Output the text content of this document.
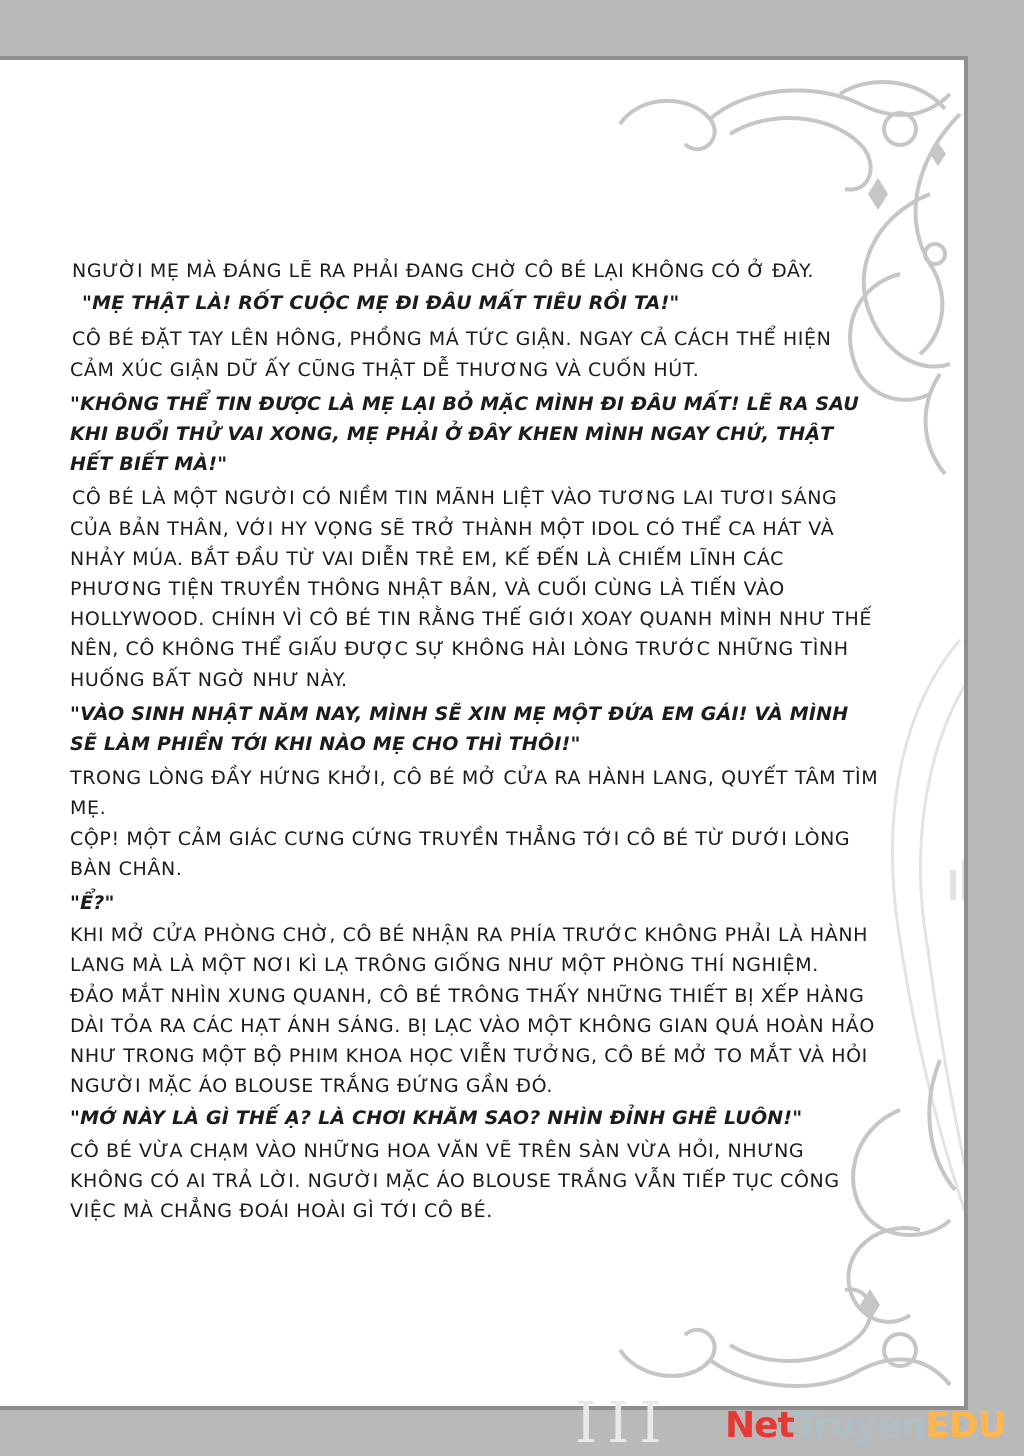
NGƯỜI MẸ MÀ ĐÁNG LẼ RA PHẢI ĐANG CHỜ CÔ BÉ LẠI KHÔNG CÓ Ở ĐÂY.

"MẸ THẬT LÀ! RỐT CUỘC MẸ ĐI ĐÂU MẤT TIÊU RỒI TA!"

CÔ BÉ ĐẶT TAY LÊN HÔNG, PHỒNG MÁ TỨC GIẬN. NGAY CẢ CÁCH THỂ HIỆN CẢM XÚC GIẬN DỮ ẤY CŨNG THẬT DỄ THƯƠNG VÀ CUỐN HÚT.

"KHÔNG THỂ TIN ĐƯỢC LÀ MẸ LẠI BỎ MẶC MÌNH ĐI ĐÂU MẤT! LẼ RA SAU KHI BUỔI THỬ VAI XONG, MẸ PHẢI Ở ĐÂY KHEN MÌNH NGAY CHỨ, THẬT HẾT BIẾT MÀ!"

CÔ BÉ LÀ MỘT NGƯỜI CÓ NIỀM TIN MÃNH LIỆT VÀO TƯƠNG LAI TƯƠI SÁNG CỦA BẢN THÂN, VỚI HY VỌNG SẼ TRỞ THÀNH MỘT IDOL CÓ THỂ CA HÁT VÀ NHẢY MÚA. BẮT ĐẦU TỪ VAI DIỄN TRẺ EM, KẾ ĐẾN LÀ CHIẾM LĨNH CÁC PHƯƠNG TIỆN TRUYỀN THÔNG NHẬT BẢN, VÀ CUỐI CÙNG LÀ TIẾN VÀO HOLLYWOOD. CHÍNH VÌ CÔ BÉ TIN RẰNG THẾ GIỚI XOAY QUANH MÌNH NHƯ THẾ NÊN, CÔ KHÔNG THỂ GIẤU ĐƯỢC SỰ KHÔNG HÀI LÒNG TRƯỚC NHỮNG TÌNH HUỐNG BẤT NGỜ NHƯ NÀY.

"VÀO SINH NHẬT NĂM NAY, MÌNH SẼ XIN MẸ MỘT ĐỨA EM GÁI! VÀ MÌNH SẼ LÀM PHIỀN TỚI KHI NÀO MẸ CHO THÌ THÔI!"

TRONG LÒNG ĐẦY HỨNG KHỞI, CÔ BÉ MỞ CỬA RA HÀNH LANG, QUYẾT TÂM TÌM MẸ.

CỘP! MỘT CẢM GIÁC CƯNG CỨNG TRUYỀN THẲNG TỚI CÔ BÉ TỪ DƯỚI LÒNG BÀN CHÂN.

"Ể?"

KHI MỞ CỬA PHÒNG CHỜ, CÔ BÉ NHẬN RA PHÍA TRƯỚC KHÔNG PHẢI LÀ HÀNH LANG MÀ LÀ MỘT NƠI KÌ LẠ TRÔNG GIỐNG NHƯ MỘT PHÒNG THÍ NGHIỆM.

ĐẢO MẮT NHÌN XUNG QUANH, CÔ BÉ TRÔNG THẤY NHỮNG THIẾT BỊ XẾP HÀNG DÀI TỎA RA CÁC HẠT ÁNH SÁNG. BỊ LẠC VÀO MỘT KHÔNG GIAN QUÁ HOÀN HẢO NHƯ TRONG MỘT BỘ PHIM KHOA HỌC VIỄN TƯỞNG, CÔ BÉ MỞ TO MẮT VÀ HỎI NGƯỜI MẶC ÁO BLOUSE TRẮNG ĐỨNG GẦN ĐÓ.

"MỚ NÀY LÀ GÌ THẾ Ạ? LÀ CHƠI KHĂM SAO? NHÌN ĐỈNH GHÊ LUÔN!"

CÔ BÉ VỪA CHẠM VÀO NHỮNG HOA VĂN VẼ TRÊN SÀN VỪA HỎI, NHƯNG KHÔNG CÓ AI TRẢ LỜI. NGƯỜI MẶC ÁO BLOUSE TRẮNG VẪN TIẾP TỤC CÔNG VIỆC MÀ CHẲNG ĐOÁI HOÀI GÌ TỚI CÔ BÉ.

III NetTruyenEDU
